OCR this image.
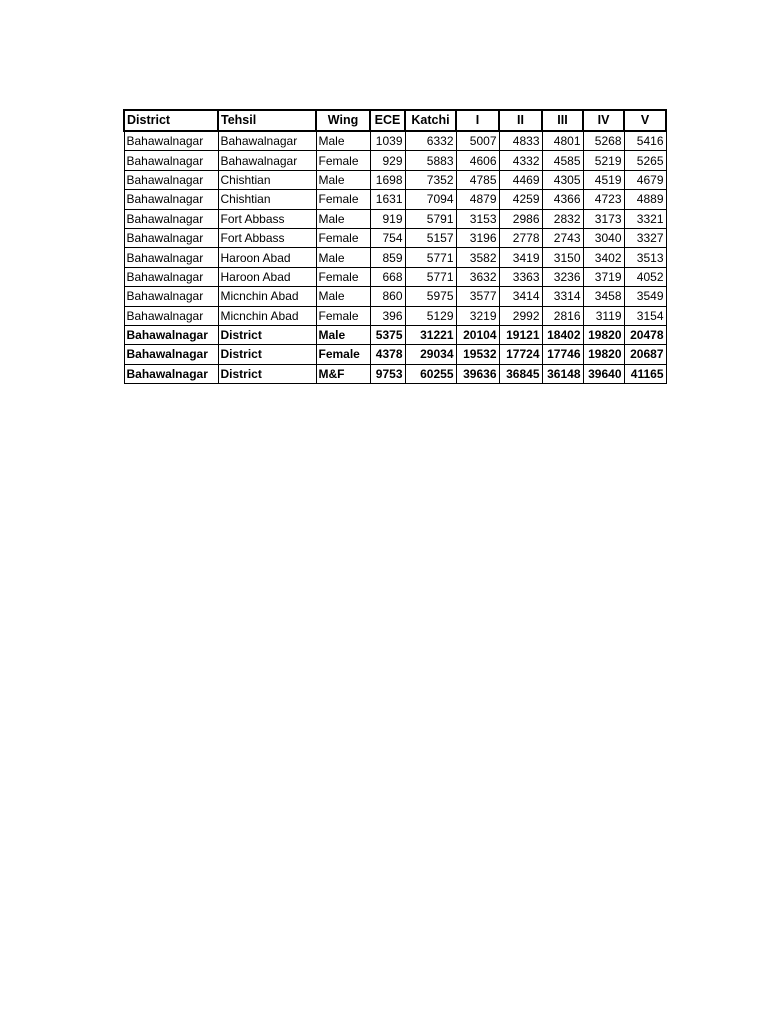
District	Tehsil	Wing	ECE	Katchi	I	II	III	IV	V
Bahawalnagar	Bahawalnagar	Male	1039	6332	5007	4833	4801	5268	5416
Bahawalnagar	Bahawalnagar	Female	929	5883	4606	4332	4585	5219	5265
Bahawalnagar	Chishtian	Male	1698	7352	4785	4469	4305	4519	4679
Bahawalnagar	Chishtian	Female	1631	7094	4879	4259	4366	4723	4889
Bahawalnagar	Fort Abbass	Male	919	5791	3153	2986	2832	3173	3321
Bahawalnagar	Fort Abbass	Female	754	5157	3196	2778	2743	3040	3327
Bahawalnagar	Haroon Abad	Male	859	5771	3582	3419	3150	3402	3513
Bahawalnagar	Haroon Abad	Female	668	5771	3632	3363	3236	3719	4052
Bahawalnagar	Micnchin Abad	Male	860	5975	3577	3414	3314	3458	3549
Bahawalnagar	Micnchin Abad	Female	396	5129	3219	2992	2816	3119	3154
Bahawalnagar	District	Male	5375	31221	20104	19121	18402	19820	20478
Bahawalnagar	District	Female	4378	29034	19532	17724	17746	19820	20687
Bahawalnagar	District	M&F	9753	60255	39636	36845	36148	39640	41165
